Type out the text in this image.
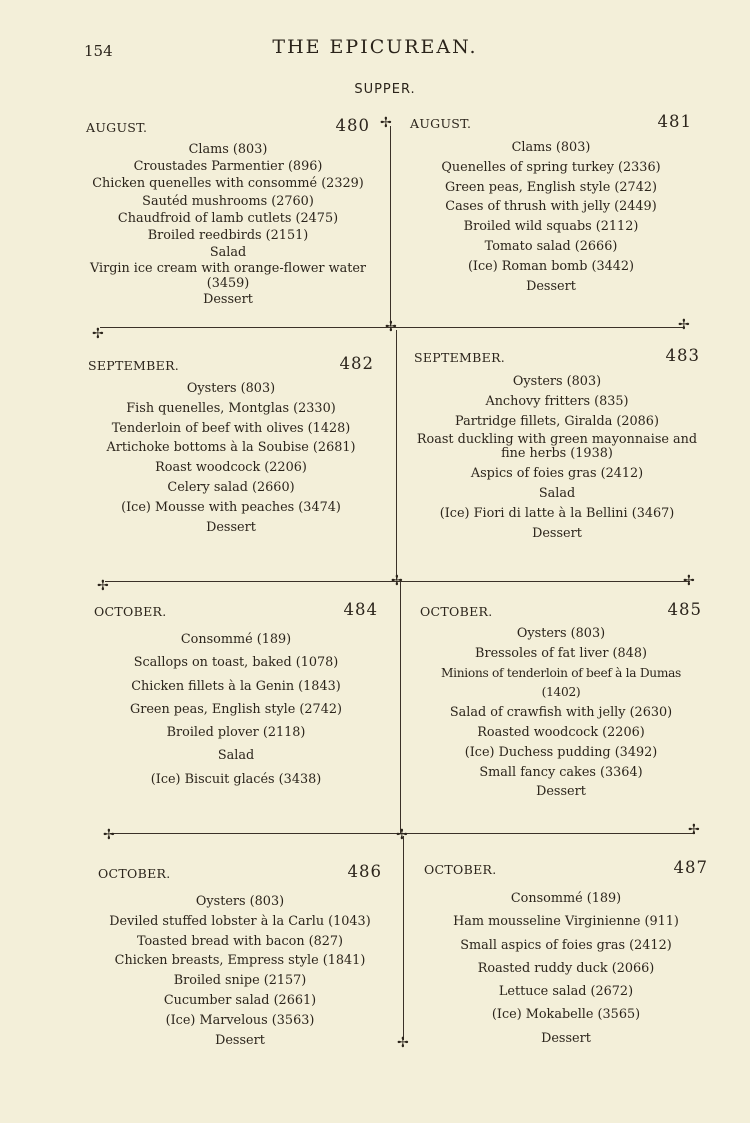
154	THE EPICUREAN.
SUPPER.
✢
✢	✢	✢
✢	✢	✢
✢	✢	✢
✢
AUGUST.	480
Clams (803)
Croustades Parmentier (896)
Chicken quenelles with consommé (2329)
Sautéd mushrooms (2760)
Chaudfroid of lamb cutlets (2475)
Broiled reedbirds (2151)
Salad
Virgin ice cream with orange-flower water (3459)
Dessert
AUGUST.	481
Clams (803)
Quenelles of spring turkey (2336)
Green peas, English style (2742)
Cases of thrush with jelly (2449)
Broiled wild squabs (2112)
Tomato salad (2666)
(Ice) Roman bomb (3442)
Dessert
SEPTEMBER.	482
Oysters (803)
Fish quenelles, Montglas (2330)
Tenderloin of beef with olives (1428)
Artichoke bottoms à la Soubise (2681)
Roast woodcock (2206)
Celery salad (2660)
(Ice) Mousse with peaches (3474)
Dessert
SEPTEMBER.	483
Oysters (803)
Anchovy fritters (835)
Partridge fillets, Giralda (2086)
Roast duckling with green mayonnaise and fine herbs (1938)
Aspics of foies gras (2412)
Salad
(Ice) Fiori di latte à la Bellini (3467)
Dessert
OCTOBER.	484
Consommé (189)
Scallops on toast, baked (1078)
Chicken fillets à la Genin (1843)
Green peas, English style (2742)
Broiled plover (2118)
Salad
(Ice) Biscuit glacés (3438)
OCTOBER.	485
Oysters (803)
Bressoles of fat liver (848)
Minions of tenderloin of beef à la Dumas (1402)
Salad of crawfish with jelly (2630)
Roasted woodcock (2206)
(Ice) Duchess pudding (3492)
Small fancy cakes (3364)
Dessert
OCTOBER.	486
Oysters (803)
Deviled stuffed lobster à la Carlu (1043)
Toasted bread with bacon (827)
Chicken breasts, Empress style (1841)
Broiled snipe (2157)
Cucumber salad (2661)
(Ice) Marvelous (3563)
Dessert
OCTOBER.	487
Consommé (189)
Ham mousseline Virginienne (911)
Small aspics of foies gras (2412)
Roasted ruddy duck (2066)
Lettuce salad (2672)
(Ice) Mokabelle (3565)
Dessert
